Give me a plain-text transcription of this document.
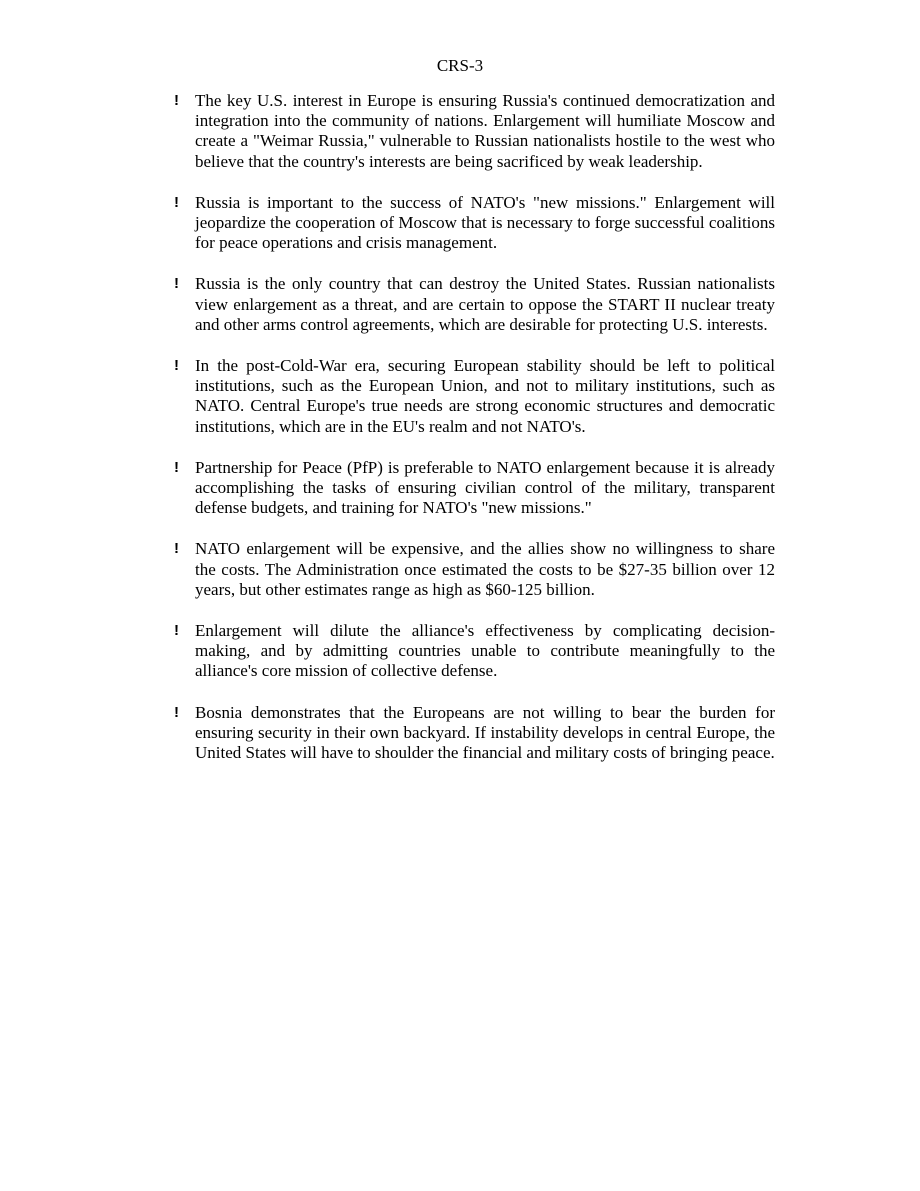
CRS-3
! The key U.S. interest in Europe is ensuring Russia's continued democratization and integration into the community of nations. Enlargement will humiliate Moscow and create a "Weimar Russia," vulnerable to Russian nationalists hostile to the west who believe that the country's interests are being sacrificed by weak leadership.
! Russia is important to the success of NATO's "new missions." Enlargement will jeopardize the cooperation of Moscow that is necessary to forge successful coalitions for peace operations and crisis management.
! Russia is the only country that can destroy the United States. Russian nationalists view enlargement as a threat, and are certain to oppose the START II nuclear treaty and other arms control agreements, which are desirable for protecting U.S. interests.
! In the post-Cold-War era, securing European stability should be left to political institutions, such as the European Union, and not to military institutions, such as NATO. Central Europe's true needs are strong economic structures and democratic institutions, which are in the EU's realm and not NATO's.
! Partnership for Peace (PfP) is preferable to NATO enlargement because it is already accomplishing the tasks of ensuring civilian control of the military, transparent defense budgets, and training for NATO's "new missions."
! NATO enlargement will be expensive, and the allies show no willingness to share the costs. The Administration once estimated the costs to be $27-35 billion over 12 years, but other estimates range as high as $60-125 billion.
! Enlargement will dilute the alliance's effectiveness by complicating decision-making, and by admitting countries unable to contribute meaningfully to the alliance's core mission of collective defense.
! Bosnia demonstrates that the Europeans are not willing to bear the burden for ensuring security in their own backyard. If instability develops in central Europe, the United States will have to shoulder the financial and military costs of bringing peace.
